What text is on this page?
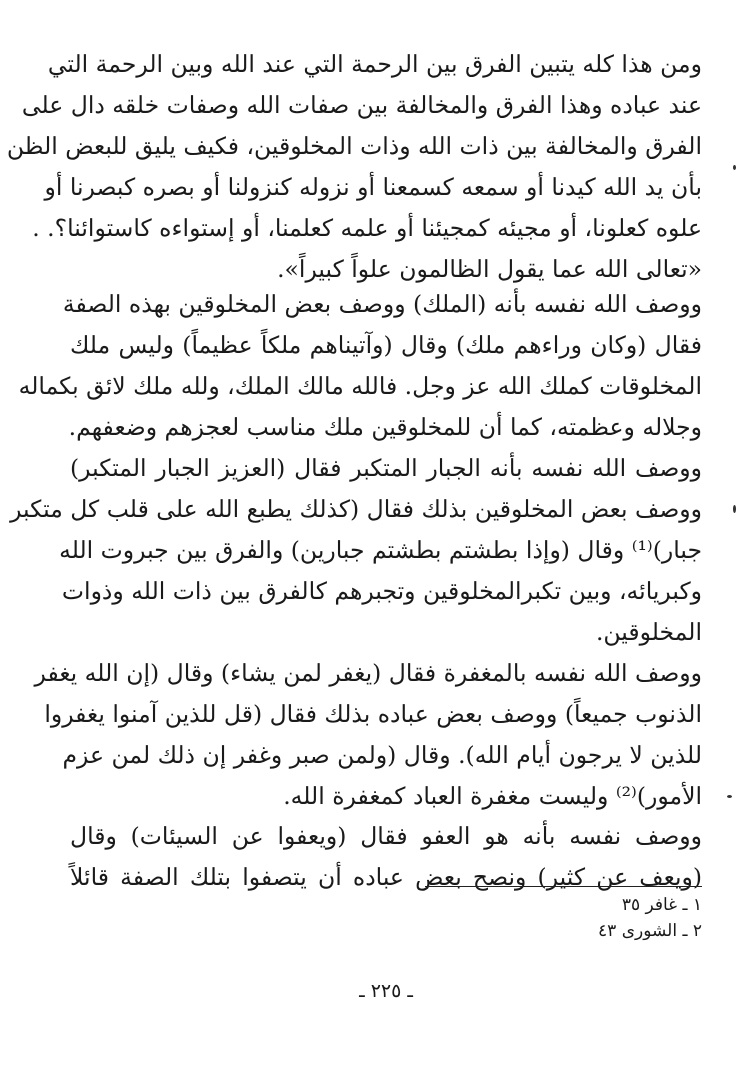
ومن هذا كله يتبين الفرق بين الرحمة التي عند الله وبين الرحمة التي
عند عباده وهذا الفرق والمخالفة بين صفات الله وصفات خلقه دال على
الفرق والمخالفة بين ذات الله وذات المخلوقين، فكيف يليق للبعض الظن
بأن يد الله كيدنا أو سمعه كسمعنا أو نزوله كنزولنا أو بصره كبصرنا أو
علوه كعلونا، أو مجيئه كمجيئنا أو علمه كعلمنا، أو إستواءه كاستوائنا؟. .
«تعالى الله عما يقول الظالمون علواً كبيراً».
ووصف الله نفسه بأنه (الملك) ووصف بعض المخلوقين بهذه الصفة
فقال (وكان وراءهم ملك) وقال (وآتيناهم ملكاً عظيماً) وليس ملك
المخلوقات كملك الله عز وجل. فالله مالك الملك، ولله ملك لائق بكماله
وجلاله وعظمته، كما أن للمخلوقين ملك مناسب لعجزهم وضعفهم.
ووصف الله نفسه بأنه الجبار المتكبر فقال (العزيز الجبار المتكبر)
ووصف بعض المخلوقين بذلك فقال (كذلك يطبع الله على قلب كل متكبر
جبار)⁽¹⁾ وقال (وإذا بطشتم بطشتم جبارين) والفرق بين جبروت الله
وكبريائه، وبين تكبرالمخلوقين وتجبرهم كالفرق بين ذات الله وذوات
المخلوقين.
ووصف الله نفسه بالمغفرة فقال (يغفر لمن يشاء) وقال (إن الله يغفر
الذنوب جميعاً) ووصف بعض عباده بذلك فقال (قل للذين آمنوا يغفروا
للذين لا يرجون أيام الله). وقال (ولمن صبر وغفر إن ذلك لمن عزم
الأمور)⁽²⁾ وليست مغفرة العباد كمغفرة الله.
ووصف نفسه بأنه هو العفو فقال (ويعفوا عن السيئات) وقال
(ويعف عن كثير) ونصح بعض عباده أن يتصفوا بتلك الصفة قائلاً
١ ـ غافر ٣٥
٢ ـ الشورى ٤٣
ـ ٢٢٥ ـ
